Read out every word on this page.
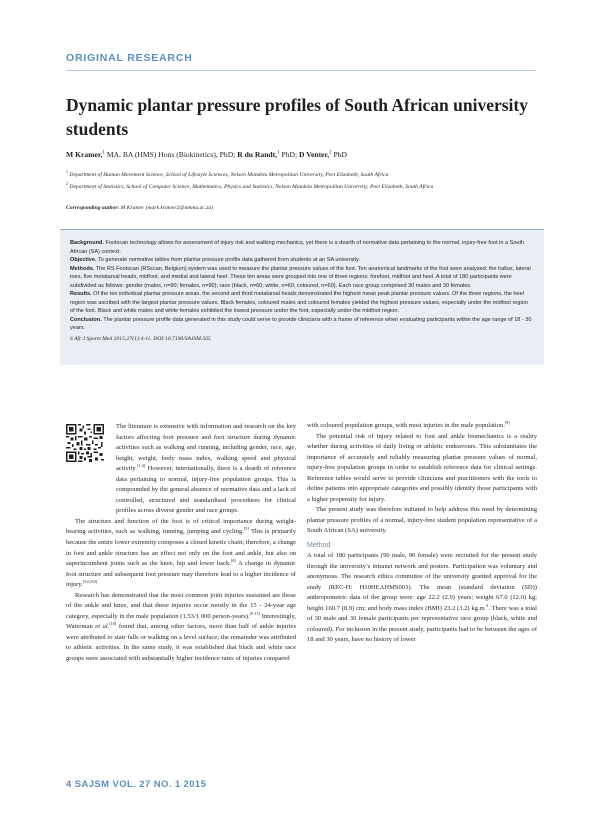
ORIGINAL RESEARCH
Dynamic plantar pressure profiles of South African university students
M Kramer,$^1$ MA, BA (HMS) Hons (Biokinetics), PhD; R du Randt,$^1$ PhD; D Venter,$^2$ PhD
$^1$ Department of Human Movement Science, School of Lifestyle Sciences, Nelson Mandela Metropolitan University, Port Elizabeth, South Africa
$^2$ Department of Statistics, School of Computer Science, Mathematics, Physics and Statistics, Nelson Mandela Metropolitan University, Port Elizabeth, South Africa
Corresponding author: M Kramer (mark.kramer2@nmmu.ac.za)

Background. Footscan technology allows for assessment of injury risk and walking mechanics, yet there is a dearth of normative data pertaining to the normal, injury-free foot in a South African (SA) context.

Objective. To generate normative tables from plantar pressure profile data gathered from students at an SA university.

Methods. The RS Footscan (RSscan, Belgium) system was used to measure the plantar pressure values of the foot. Ten anatomical landmarks of the foot were analysed: the hallux, lateral toes, five metatarsal heads, midfoot, and medial and lateral heel. These ten areas were grouped into one of three regions: forefoot, midfoot and heel. A total of 180 participants were subdivided as follows: gender (males, n=90; females, n=90); race (black, n=60; white, n=60; coloured, n=60). Each race group comprised 30 males and 30 females.

Results. Of the ten individual plantar pressure areas, the second and third metatarsal heads demonstrated the highest mean peak plantar pressure values. Of the three regions, the heel region was ascribed with the largest plantar pressure values. Black females, coloured males and coloured females yielded the highest pressure values, especially under the midfoot region of the foot. Black and white males and white females exhibited the lowest pressure under the foot, especially under the midfoot region.

Conclusion. The plantar pressure profile data generated in this study could serve to provide clinicians with a frame of reference when evaluating participants within the age range of 18 - 30 years.

S Afr J Sports Med 2015;27(1):4-11. DOI:10.7196/SAJSM.565

The literature is extensive with information and research on the key factors affecting foot pressure and foot structure during dynamic activities such as walking and running, including gender, race, age, height, weight, body mass index, walking speed and physical activity.[1-4] However, internationally, there is a dearth of reference data pertaining to normal, injury-free population groups. This is compounded by the general absence of normative data and a lack of controlled, structured and standardised procedures for clinical profiles across diverse gender and race groups.

The structure and function of the foot is of critical importance during weight-bearing activities, such as walking, running, jumping and cycling.[5] This is primarily because the entire lower extremity composes a closed kinetic chain; therefore, a change in foot and ankle structure has an effect not only on the foot and ankle, but also on superincumbent joints such as the knee, hip and lower back.[6] A change in dynamic foot structure and subsequent foot pressure may therefore lead to a higher incidence of injury.[5,6,8,9]

Research has demonstrated that the most common joint injuries sustained are those of the ankle and knee, and that these injuries occur mostly in the 15 - 24-year age category, especially in the male population (1.53/1 000 person-years).[9-11] Interestingly, Waterman et al.[10] found that, among other factors, more than half of ankle injuries were attributed to stair falls or walking on a level surface; the remainder was attributed to athletic activities. In the same study, it was established that black and white race groups were associated with substantially higher incidence rates of injuries compared

with coloured population groups, with most injuries in the male population.[9]

The potential risk of injury related to foot and ankle biomechanics is a reality whether during activities of daily living or athletic endeavours. This substantiates the importance of accurately and reliably measuring plantar pressure values of normal, injury-free population groups in order to establish reference data for clinical settings. Reference tables would serve to provide clinicians and practitioners with the tools to define patients into appropriate categories and possibly identify those participants with a higher propensity for injury.

The present study was therefore initiated to help address this need by determining plantar pressure profiles of a normal, injury-free student population representative of a South African (SA) university.

Method

A total of 180 participants (90 male, 90 female) were recruited for the present study through the university’s intranet network and posters. Participation was voluntary and anonymous. The research ethics committee of the university granted approval for the study (REC-H: H10HEAHMS003). The mean (standard deviation (SD)) anthropometric data of the group were: age 22.2 (2.9) years; weight 67.0 (12.0) kg; height 169.7 (8.9) cm; and body mass index (BMI) 23.2 (3.2) $kg.m^{-2}$. There was a total of 30 male and 30 female participants per representative race group (black, white and coloured). For inclusion in the present study, participants had to be between the ages of 18 and 30 years, have no history of lower

4 SAJSM VOL. 27 NO. 1 2015
